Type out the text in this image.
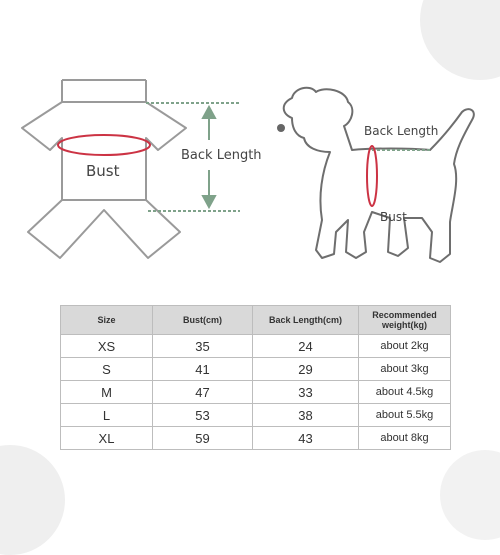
Bust
Back Length
Back Length
Bust
Size	Bust(cm)	Back Length(cm)	Recommended weight(kg)
XS	35	24	about 2kg
S	41	29	about 3kg
M	47	33	about 4.5kg
L	53	38	about 5.5kg
XL	59	43	about 8kg
